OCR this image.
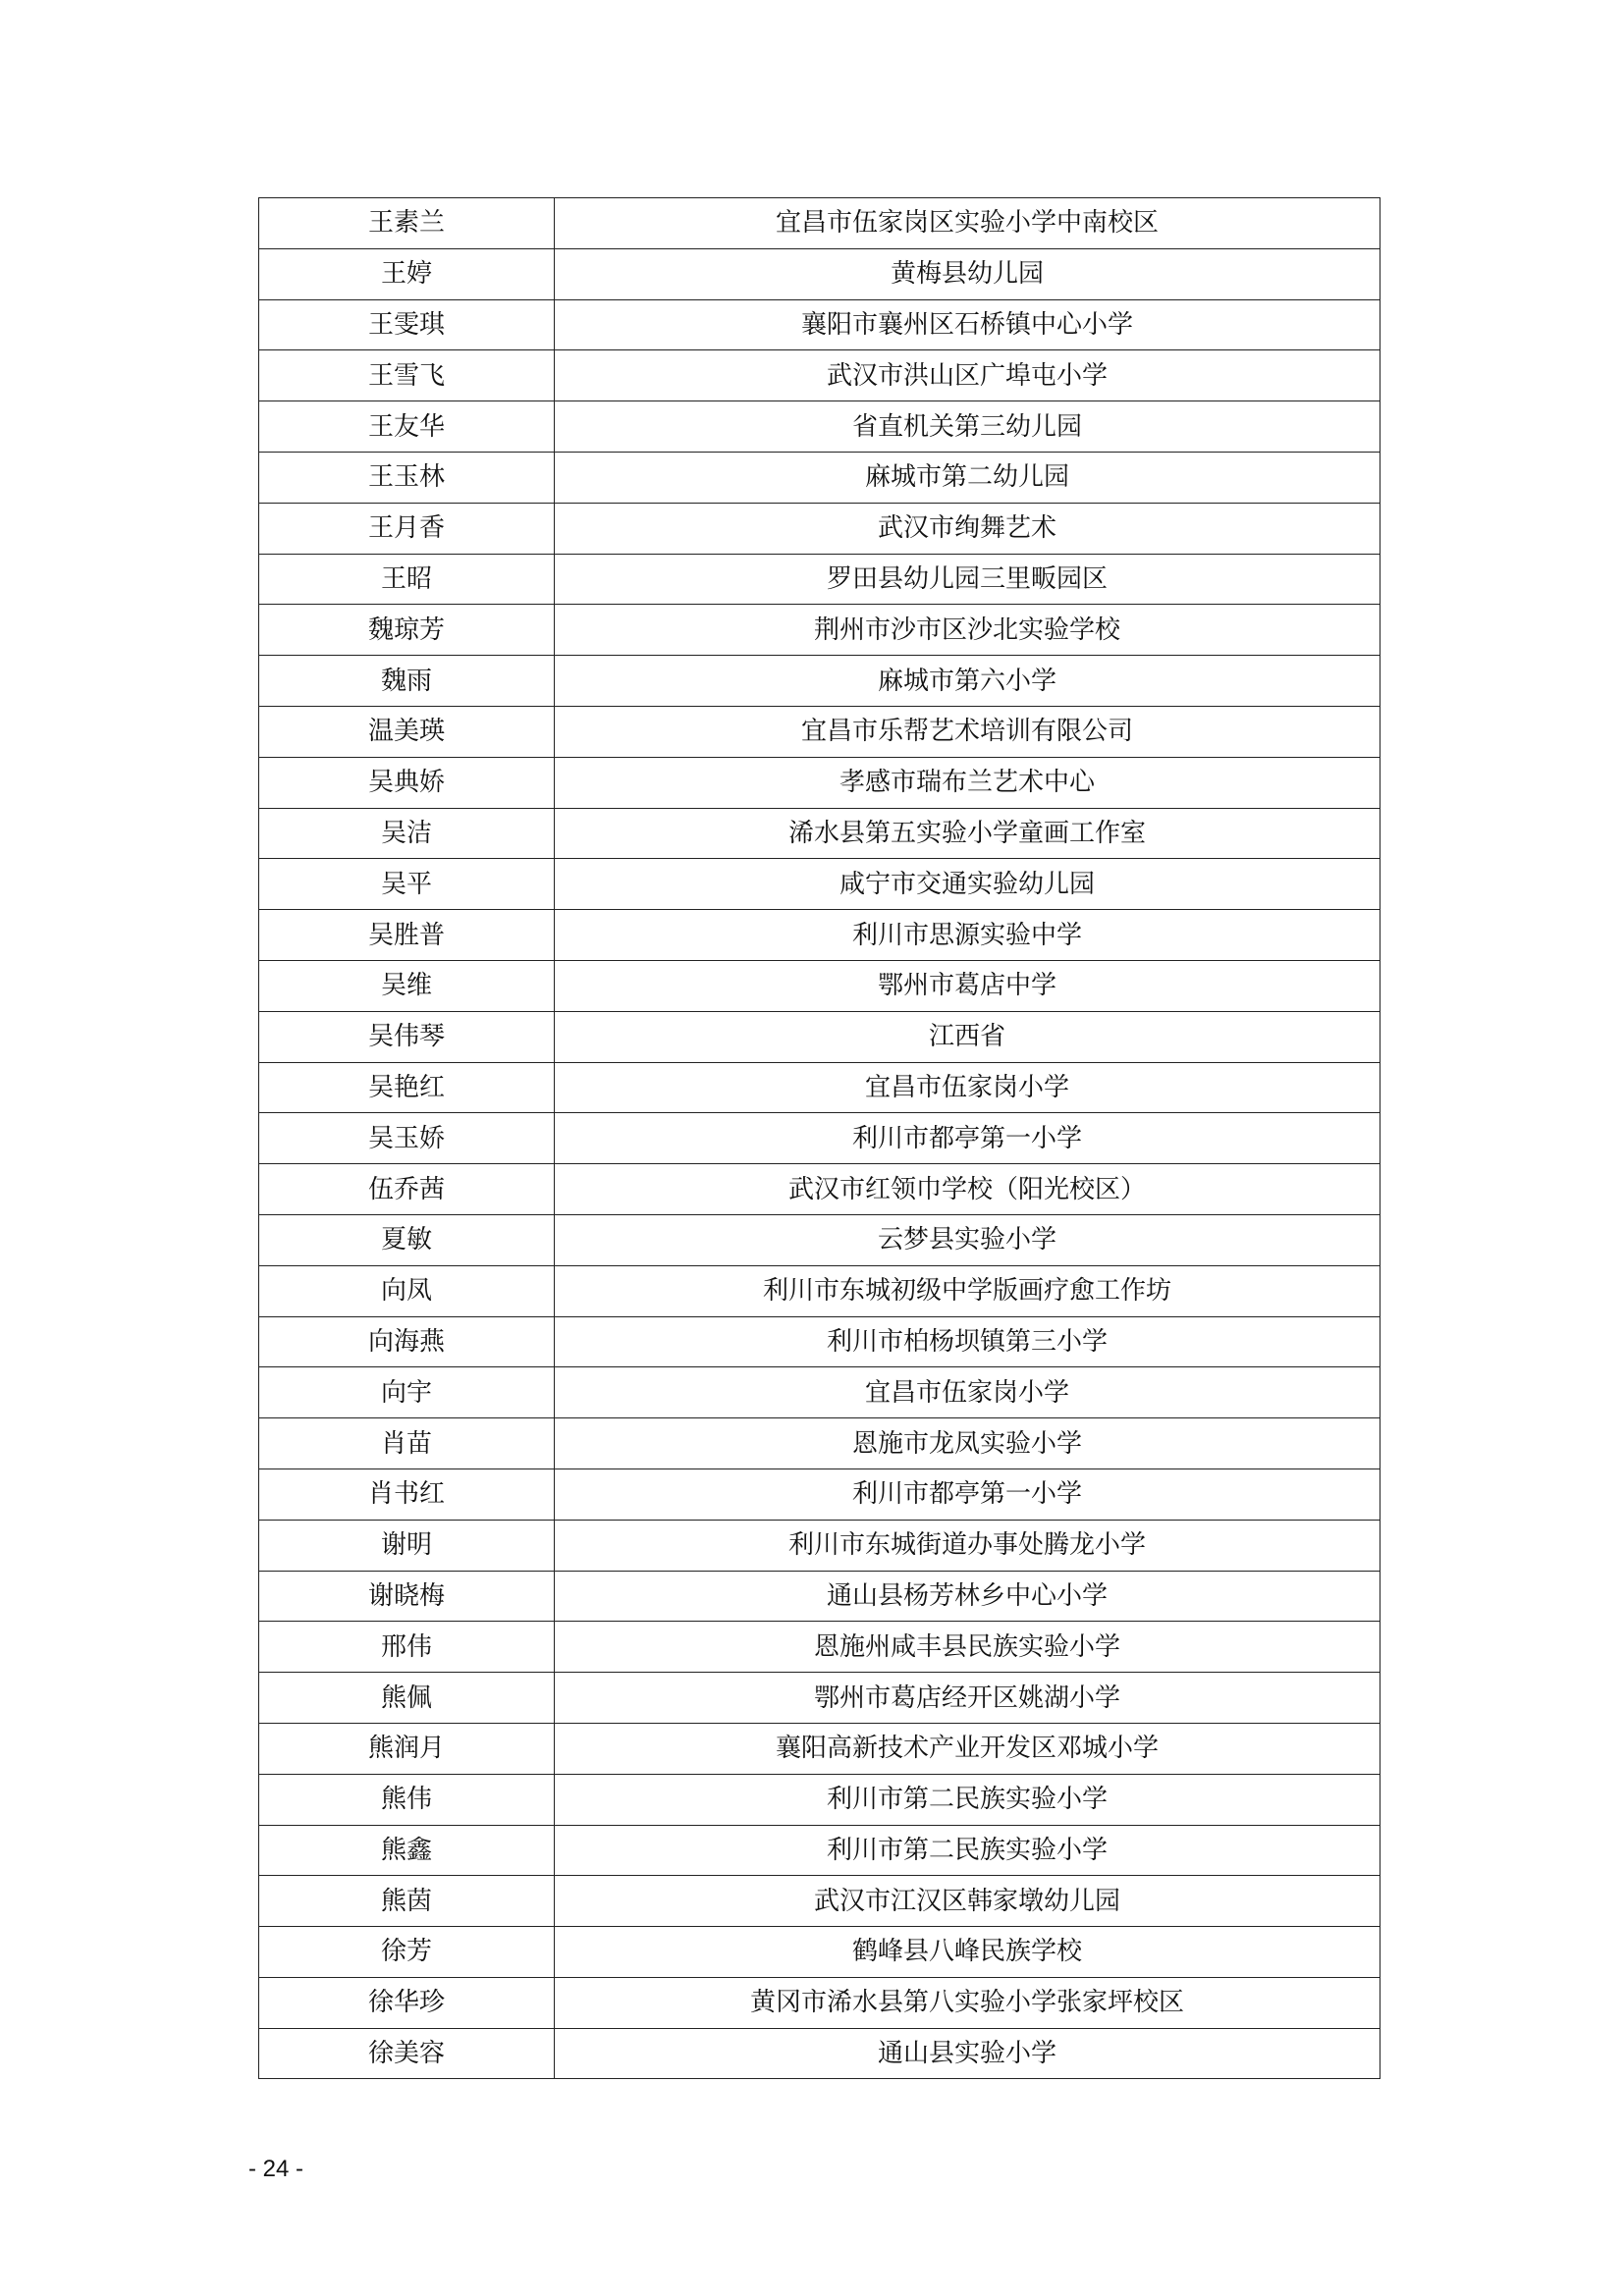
王素兰	宜昌市伍家岗区实验小学中南校区
王婷	黄梅县幼儿园
王雯琪	襄阳市襄州区石桥镇中心小学
王雪飞	武汉市洪山区广埠屯小学
王友华	省直机关第三幼儿园
王玉林	麻城市第二幼儿园
王月香	武汉市绚舞艺术
王昭	罗田县幼儿园三里畈园区
魏琼芳	荆州市沙市区沙北实验学校
魏雨	麻城市第六小学
温美瑛	宜昌市乐帮艺术培训有限公司
吴典娇	孝感市瑞布兰艺术中心
吴洁	浠水县第五实验小学童画工作室
吴平	咸宁市交通实验幼儿园
吴胜普	利川市思源实验中学
吴维	鄂州市葛店中学
吴伟琴	江西省
吴艳红	宜昌市伍家岗小学
吴玉娇	利川市都亭第一小学
伍乔茜	武汉市红领巾学校（阳光校区）
夏敏	云梦县实验小学
向凤	利川市东城初级中学版画疗愈工作坊
向海燕	利川市柏杨坝镇第三小学
向宇	宜昌市伍家岗小学
肖苗	恩施市龙凤实验小学
肖书红	利川市都亭第一小学
谢明	利川市东城街道办事处腾龙小学
谢晓梅	通山县杨芳林乡中心小学
邢伟	恩施州咸丰县民族实验小学
熊佩	鄂州市葛店经开区姚湖小学
熊润月	襄阳高新技术产业开发区邓城小学
熊伟	利川市第二民族实验小学
熊鑫	利川市第二民族实验小学
熊茵	武汉市江汉区韩家墩幼儿园
徐芳	鹤峰县八峰民族学校
徐华珍	黄冈市浠水县第八实验小学张家坪校区
徐美容	通山县实验小学
- 24 -
